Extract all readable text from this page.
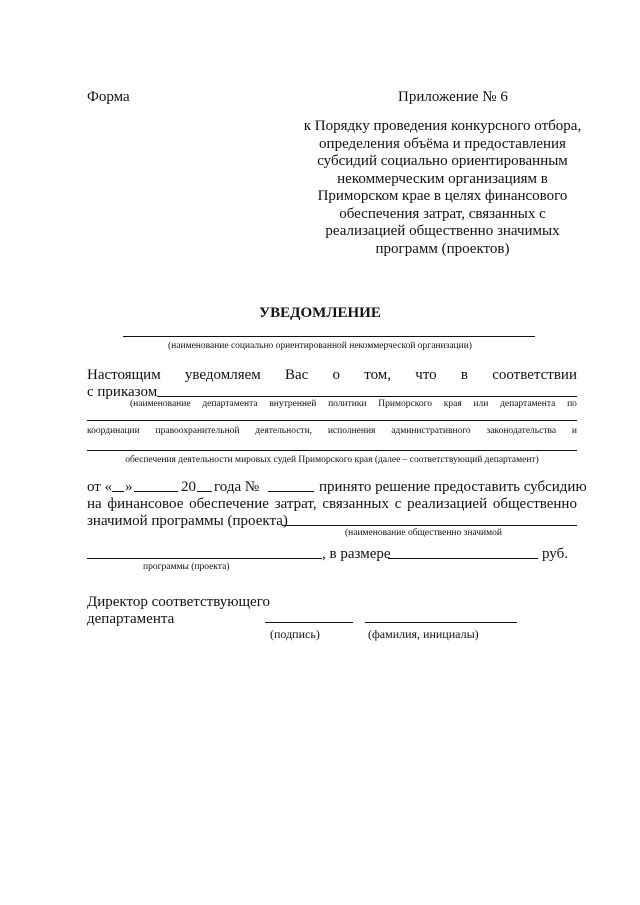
Форма	Приложение № 6
к Порядку проведения конкурсного отбора, определения объёма и предоставления субсидий социально ориентированным некоммерческим организациям в Приморском крае в целях финансового обеспечения затрат, связанных с реализацией общественно значимых программ (проектов)
УВЕДОМЛЕНИЕ
(наименование социально ориентированной некоммерческой организации)
Настоящим уведомляем Вас о том, что в соответствии
с приказом
(наименование департамента внутренней политики Приморского края или департамента по
координации правоохранительной деятельности, исполнения административного законодательства и
обеспечения деятельности мировых судей Приморского края (далее – соответствующий департамент)
от « »	20 года №	принято решение предоставить субсидию
на финансовое обеспечение затрат, связанных с реализацией общественно
значимой программы (проекта)
(наименование общественно значимой
, в размере	руб.
программы (проекта)
Директор соответствующего
департамента
(подпись)	(фамилия, инициалы)
